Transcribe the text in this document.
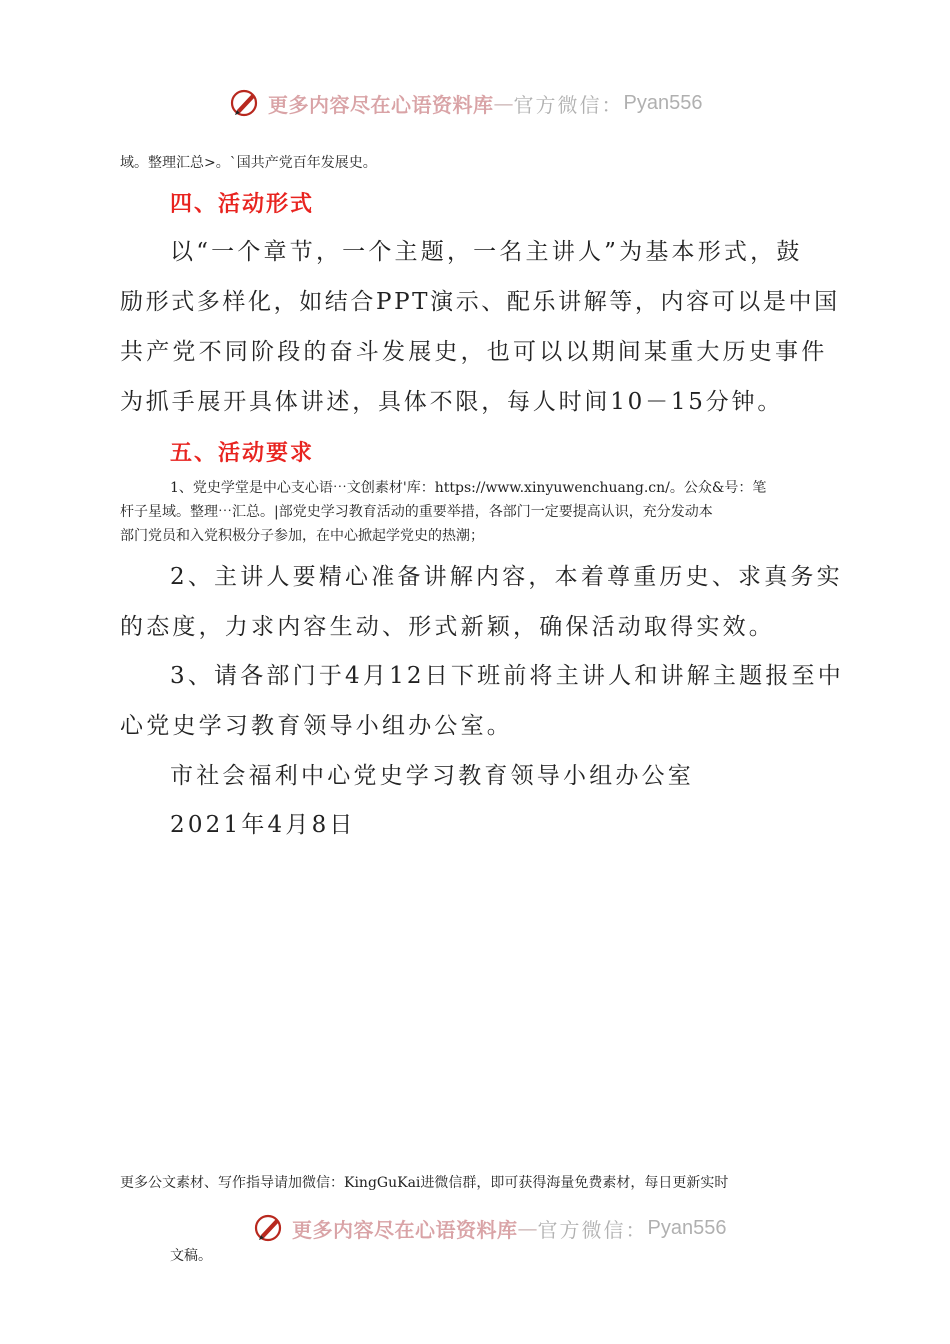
更多内容尽在心语资料库 — 官方微信： Pyan556
域。整理汇总>。`国共产党百年发展史。
四、活动形式
以“一个章节，一个主题，一名主讲人”为基本形式，鼓
励形式多样化，如结合PPT演示、配乐讲解等，内容可以是中国
共产党不同阶段的奋斗发展史，也可以以期间某重大历史事件
为抓手展开具体讲述，具体不限，每人时间10－15分钟。
五、活动要求
1、党史学堂是中心支心语⋯文创素材'库：https://www.xinyuwenchuang.cn/。公众&号：笔
杆子星域。整理⋯汇总。|部党史学习教育活动的重要举措，各部门一定要提高认识，充分发动本
部门党员和入党积极分子参加，在中心掀起学党史的热潮；
2、主讲人要精心准备讲解内容，本着尊重历史、求真务实
的态度，力求内容生动、形式新颖，确保活动取得实效。
3、请各部门于4月12日下班前将主讲人和讲解主题报至中
心党史学习教育领导小组办公室。
市社会福利中心党史学习教育领导小组办公室
2021年4月8日
更多公文素材、写作指导请加微信：KingGuKai进微信群，即可获得海量免费素材，每日更新实时
更多内容尽在心语资料库 — 官方微信： Pyan556
文稿。
